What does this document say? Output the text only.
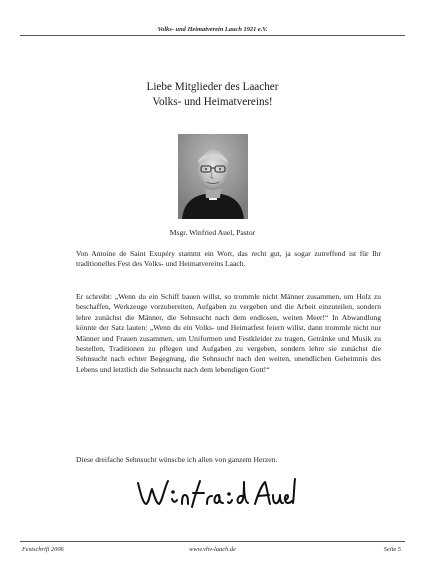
Volks- und Heimatverein Lauch 1921 e.V.
Liebe Mitglieder des Laacher
Volks- und Heimatvereins!
Msgr. Winfried Auel, Pastor
Von Antoine de Saint Exupéry stammt ein Wort, das recht gut, ja sogar zutreffend ist für Ihr traditionelles Fest des Volks- und Heimatvereins Laach.
Er schreibt: „Wenn du ein Schiff bauen willst, so trommle nicht Männer zusammen, um Holz zu beschaffen, Werkzeuge vorzubereiten, Aufgaben zu vergeben und die Arbeit einzuteilen, sondern lehre zunächst die Männer, die Sehnsucht nach dem endlosen, weiten Meer!“ In Abwandlung könnte der Satz lauten: „Wenn du ein Volks- und Heimatfest feiern willst, dann trommle nicht nur Männer und Frauen zusammen, um Uniformen und Festkleider zu tragen, Getränke und Musik zu bestellen, Traditionen zu pflegen und Aufgaben zu vergeben, sondern lehre sie zunächst die Sehnsucht nach echter Begegnung, die Sehnsucht nach den weiten, unendlichen Geheimnis des Lebens und letztlich die Sehnsucht nach dem lebendigen Gott!“
Diese dreifache Sehnsucht wünsche ich allen von ganzem Herzen.
Festschrift 2006	www.vhv-laach.de	Seite 5
